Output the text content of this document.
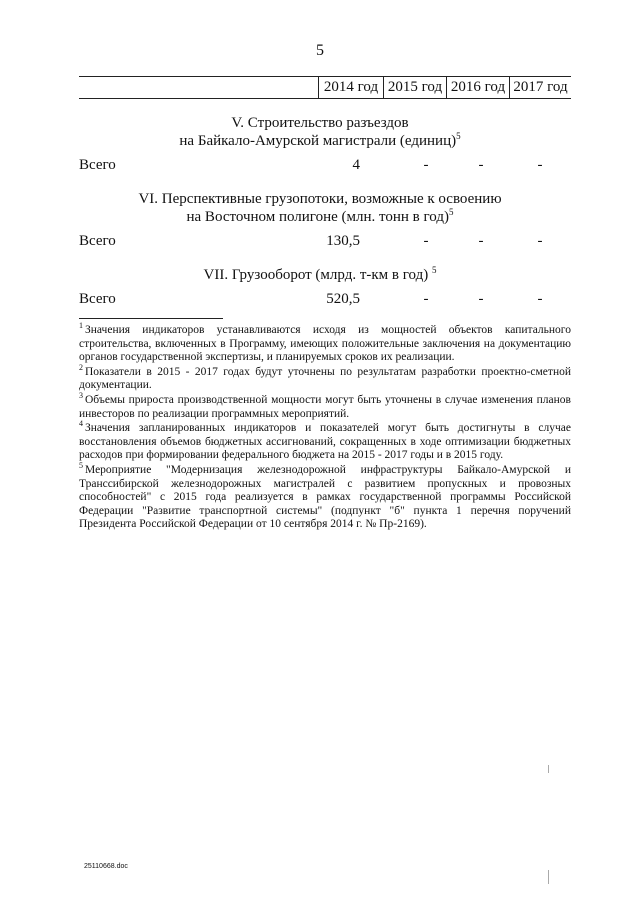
5
2014 год 2015 год 2016 год 2017 год
V. Строительство разъездов
на Байкало-Амурской магистрали (единиц)$^5$
Всего	4	-	-	-
VI. Перспективные грузопотоки, возможные к освоению
на Восточном полигоне (млн. тонн в год)$^5$
Всего	130,5	-	-	-
VII. Грузооборот (млрд. т-км в год) $^5$
Всего	520,5	-	-	-

$^1$ Значения индикаторов устанавливаются исходя из мощностей объектов капитального строительства, включенных в Программу, имеющих положительные заключения на документацию органов государственной экспертизы, и планируемых сроков их реализации.

$^2$ Показатели в 2015 - 2017 годах будут уточнены по результатам разработки проектно-сметной документации.

$^3$ Объемы прироста производственной мощности могут быть уточнены в случае изменения планов инвесторов по реализации программных мероприятий.

$^4$ Значения запланированных индикаторов и показателей могут быть достигнуты в случае восстановления объемов бюджетных ассигнований, сокращенных в ходе оптимизации бюджетных расходов при формировании федерального бюджета на 2015 - 2017 годы и в 2015 году.

$^5$ Мероприятие "Модернизация железнодорожной инфраструктуры Байкало-Амурской и Транссибирской железнодорожных магистралей с развитием пропускных и провозных способностей" с 2015 года реализуется в рамках государственной программы Российской Федерации "Развитие транспортной системы" (подпункт "б" пункта 1 перечня поручений Президента Российской Федерации от 10 сентября 2014 г. № Пр-2169).

25110668.doc
